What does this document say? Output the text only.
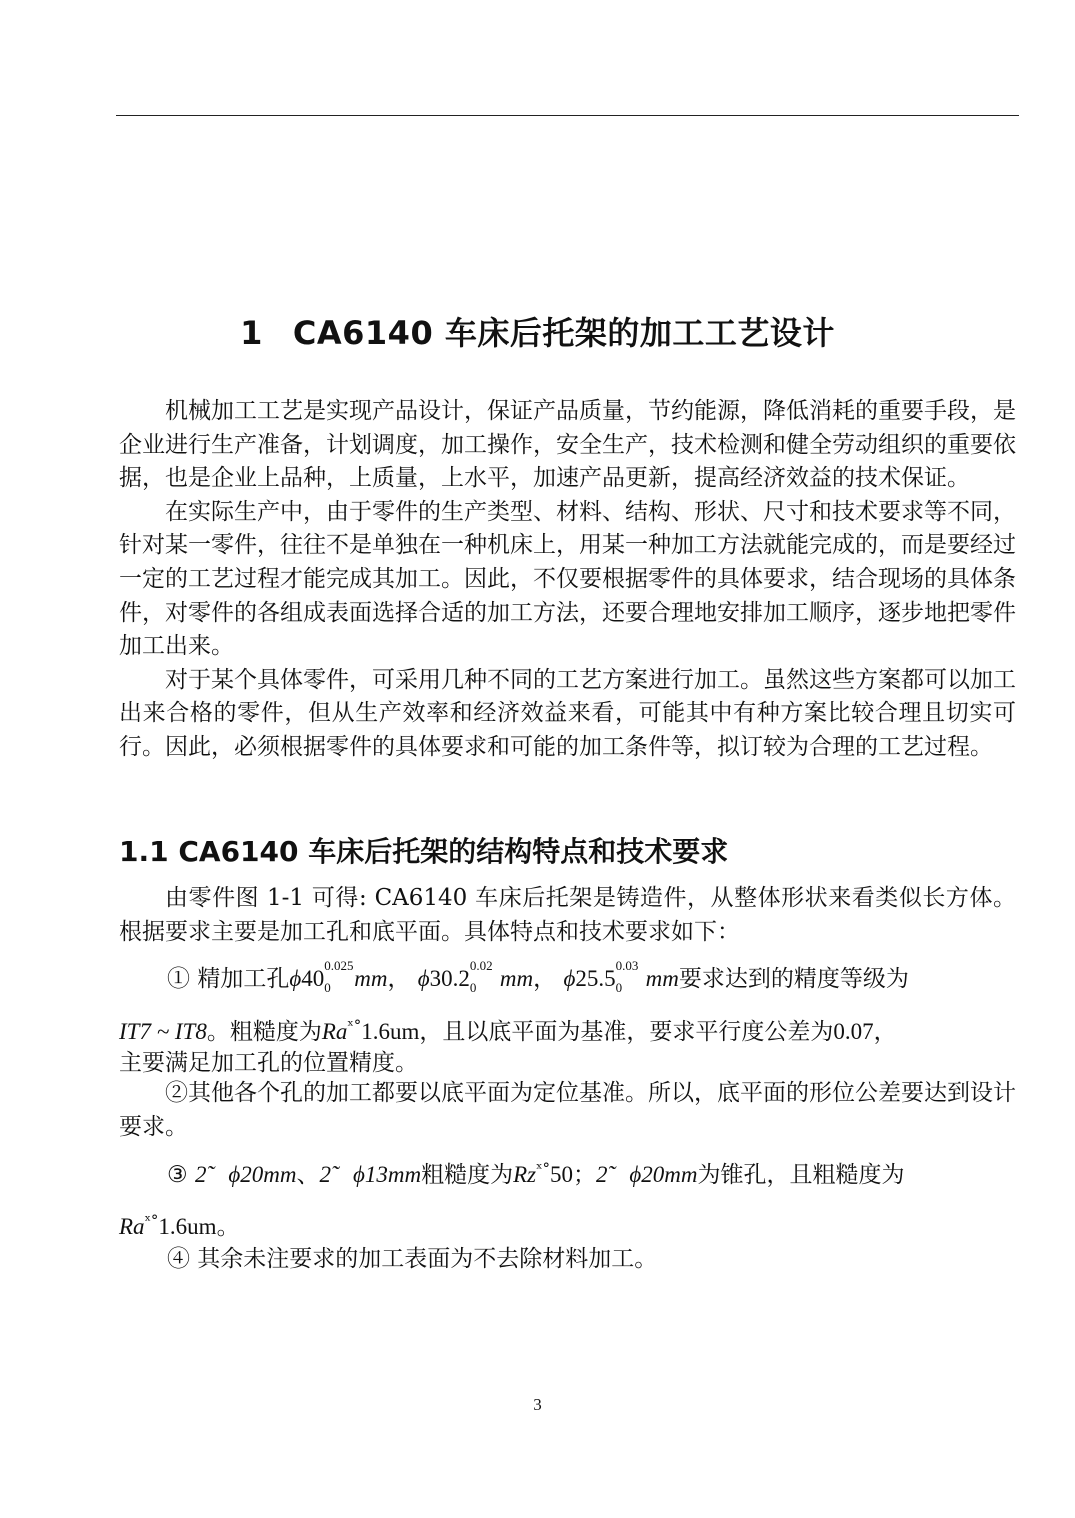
1 CA6140 车床后托架的加工工艺设计

机械加工工艺是实现产品设计，保证产品质量，节约能源，降低消耗的重要手段，是企业进行生产准备，计划调度，加工操作，安全生产，技术检测和健全劳动组织的重要依据，也是企业上品种，上质量，上水平，加速产品更新，提高经济效益的技术保证。

在实际生产中，由于零件的生产类型、材料、结构、形状、尺寸和技术要求等不同，针对某一零件，往往不是单独在一种机床上，用某一种加工方法就能完成的，而是要经过一定的工艺过程才能完成其加工。因此，不仅要根据零件的具体要求，结合现场的具体条件，对零件的各组成表面选择合适的加工方法，还要合理地安排加工顺序，逐步地把零件加工出来。

对于某个具体零件，可采用几种不同的工艺方案进行加工。虽然这些方案都可以加工出来合格的零件，但从生产效率和经济效益来看，可能其中有种方案比较合理且切实可行。因此，必须根据零件的具体要求和可能的加工条件等，拟订较为合理的工艺过程。

1.1 CA6140 车床后托架的结构特点和技术要求

由零件图 1-1 可得: CA6140 车床后托架是铸造件，从整体形状来看类似长方体。根据要求主要是加工孔和底平面。具体特点和技术要求如下：

① 精加工孔ϕ40
0.025
0 mm， ϕ30.2
0.02
0 mm， ϕ25.5
0.03
0 mm要求达到的精度等级为
IT7 ~ IT8。粗糙度为$Ra^{ˣ^\circ}1.6um$，且以底平面为基准，要求平行度公差为0.07，
主要满足加工孔的位置精度。

②其他各个孔的加工都要以底平面为定位基准。所以，底平面的形位公差要达到设计要求。

③ 2̃ ϕ20mm、2̃ ϕ13mm粗糙度为$Rz^{ˣ^\circ}50$；2̃ ϕ20mm为锥孔，且粗糙度为
$Ra^{ˣ^\circ}1.6um$。
④ 其余未注要求的加工表面为不去除材料加工。
3
